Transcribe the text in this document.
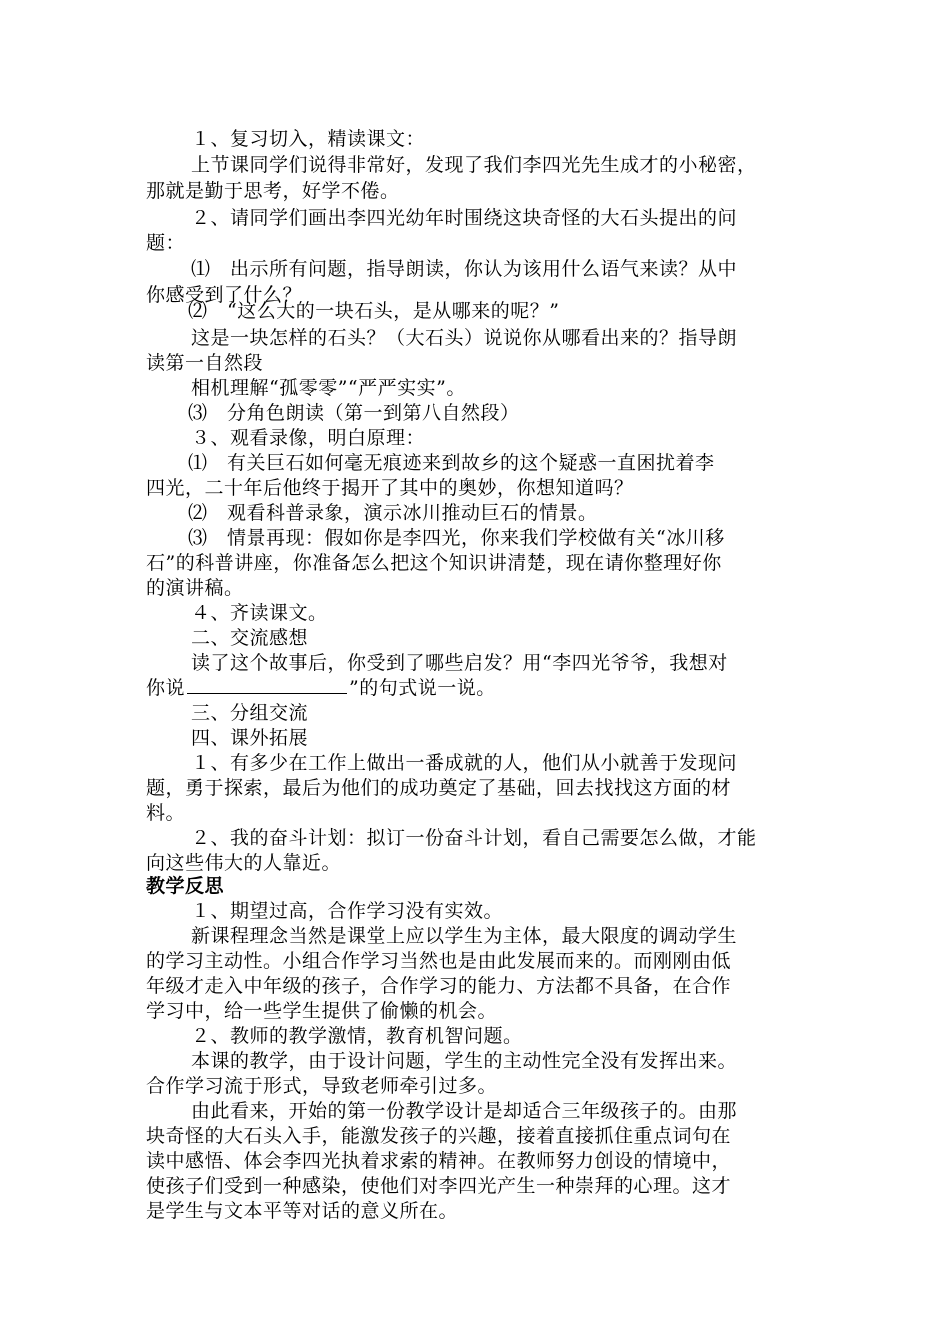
１、复习切入，精读课文：
上节课同学们说得非常好，发现了我们李四光先生成才的小秘密，
那就是勤于思考，好学不倦。
２、请同学们画出李四光幼年时围绕这块奇怪的大石头提出的问
题：
⑴　出示所有问题，指导朗读，你认为该用什么语气来读？从中
你感受到了什么？
⑵　“这么大的一块石头，是从哪来的呢？”
这是一块怎样的石头？（大石头）说说你从哪看出来的？指导朗
读第一自然段
相机理解“孤零零”“严严实实”。
⑶　分角色朗读（第一到第八自然段）
３、观看录像，明白原理：
⑴　有关巨石如何毫无痕迹来到故乡的这个疑惑一直困扰着李
四光，二十年后他终于揭开了其中的奥妙，你想知道吗？
⑵　观看科普录象，演示冰川推动巨石的情景。
⑶　情景再现：假如你是李四光，你来我们学校做有关“冰川移
石”的科普讲座，你准备怎么把这个知识讲清楚，现在请你整理好你
的演讲稿。
４、齐读课文。
二、交流感想
读了这个故事后，你受到了哪些启发？用“李四光爷爷，我想对
你说	”的句式说一说。
三、分组交流
四、课外拓展
１、有多少在工作上做出一番成就的人，他们从小就善于发现问
题，勇于探索，最后为他们的成功奠定了基础，回去找找这方面的材
料。
２、我的奋斗计划：拟订一份奋斗计划，看自己需要怎么做，才能
向这些伟大的人靠近。
教学反思
１、期望过高，合作学习没有实效。
新课程理念当然是课堂上应以学生为主体，最大限度的调动学生
的学习主动性。小组合作学习当然也是由此发展而来的。而刚刚由低
年级才走入中年级的孩子，合作学习的能力、方法都不具备，在合作
学习中，给一些学生提供了偷懒的机会。
２、教师的教学激情，教育机智问题。
本课的教学，由于设计问题，学生的主动性完全没有发挥出来。
合作学习流于形式，导致老师牵引过多。
由此看来，开始的第一份教学设计是却适合三年级孩子的。由那
块奇怪的大石头入手，能激发孩子的兴趣，接着直接抓住重点词句在
读中感悟、体会李四光执着求索的精神。在教师努力创设的情境中，
使孩子们受到一种感染，使他们对李四光产生一种崇拜的心理。这才
是学生与文本平等对话的意义所在。
